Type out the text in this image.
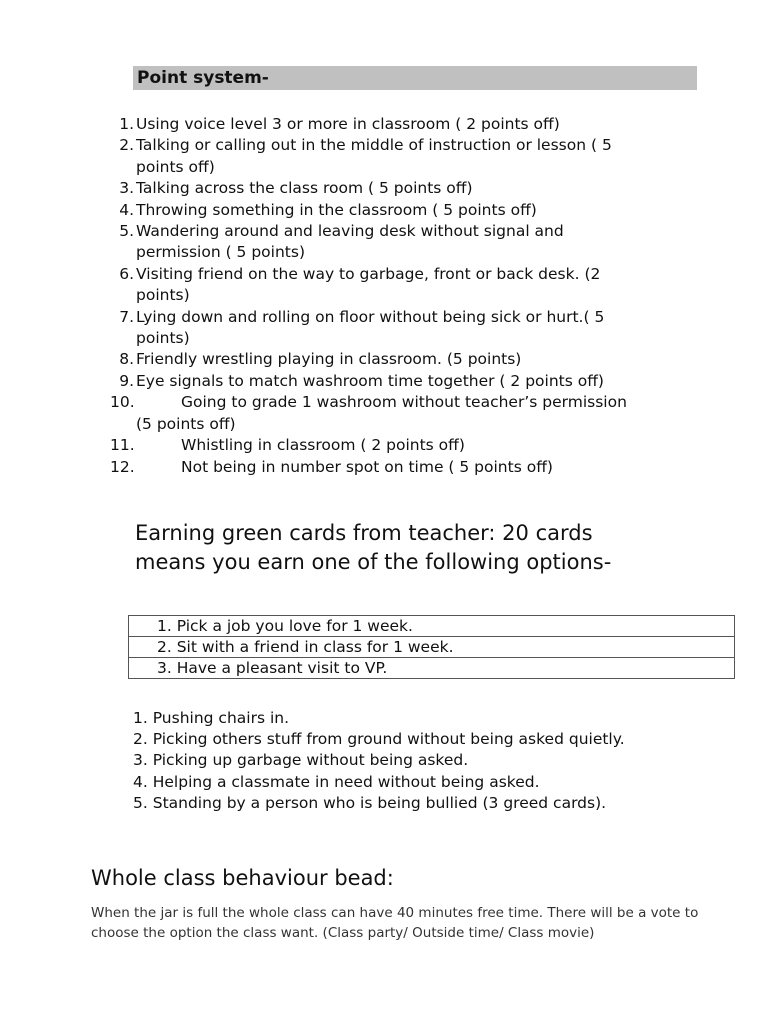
Point system-
1. Using voice level 3 or more in classroom ( 2 points off)
2. Talking or calling out in the middle of instruction or lesson ( 5
points off)
3. Talking across the class room ( 5 points off)
4. Throwing something in the classroom ( 5 points off)
5. Wandering around and leaving desk without signal and
permission ( 5 points)
6. Visiting friend on the way to garbage, front or back desk. (2
points)
7. Lying down and rolling on floor without being sick or hurt.( 5
points)
8. Friendly wrestling playing in classroom. (5 points)
9. Eye signals to match washroom time together ( 2 points off)
10.	Going to grade 1 washroom without teacher’s permission
(5 points off)
11.	Whistling in classroom ( 2 points off)
12.	Not being in number spot on time ( 5 points off)
Earning green cards from teacher: 20 cards
means you earn one of the following options-
1. Pick a job you love for 1 week.
2. Sit with a friend in class for 1 week.
3. Have a pleasant visit to VP.
1. Pushing chairs in.
2. Picking others stuff from ground without being asked quietly.
3. Picking up garbage without being asked.
4. Helping a classmate in need without being asked.
5. Standing by a person who is being bullied (3 greed cards).
Whole class behaviour bead:
When the jar is full the whole class can have 40 minutes free time. There will be a vote to choose the option the class want. (Class party/ Outside time/ Class movie)
